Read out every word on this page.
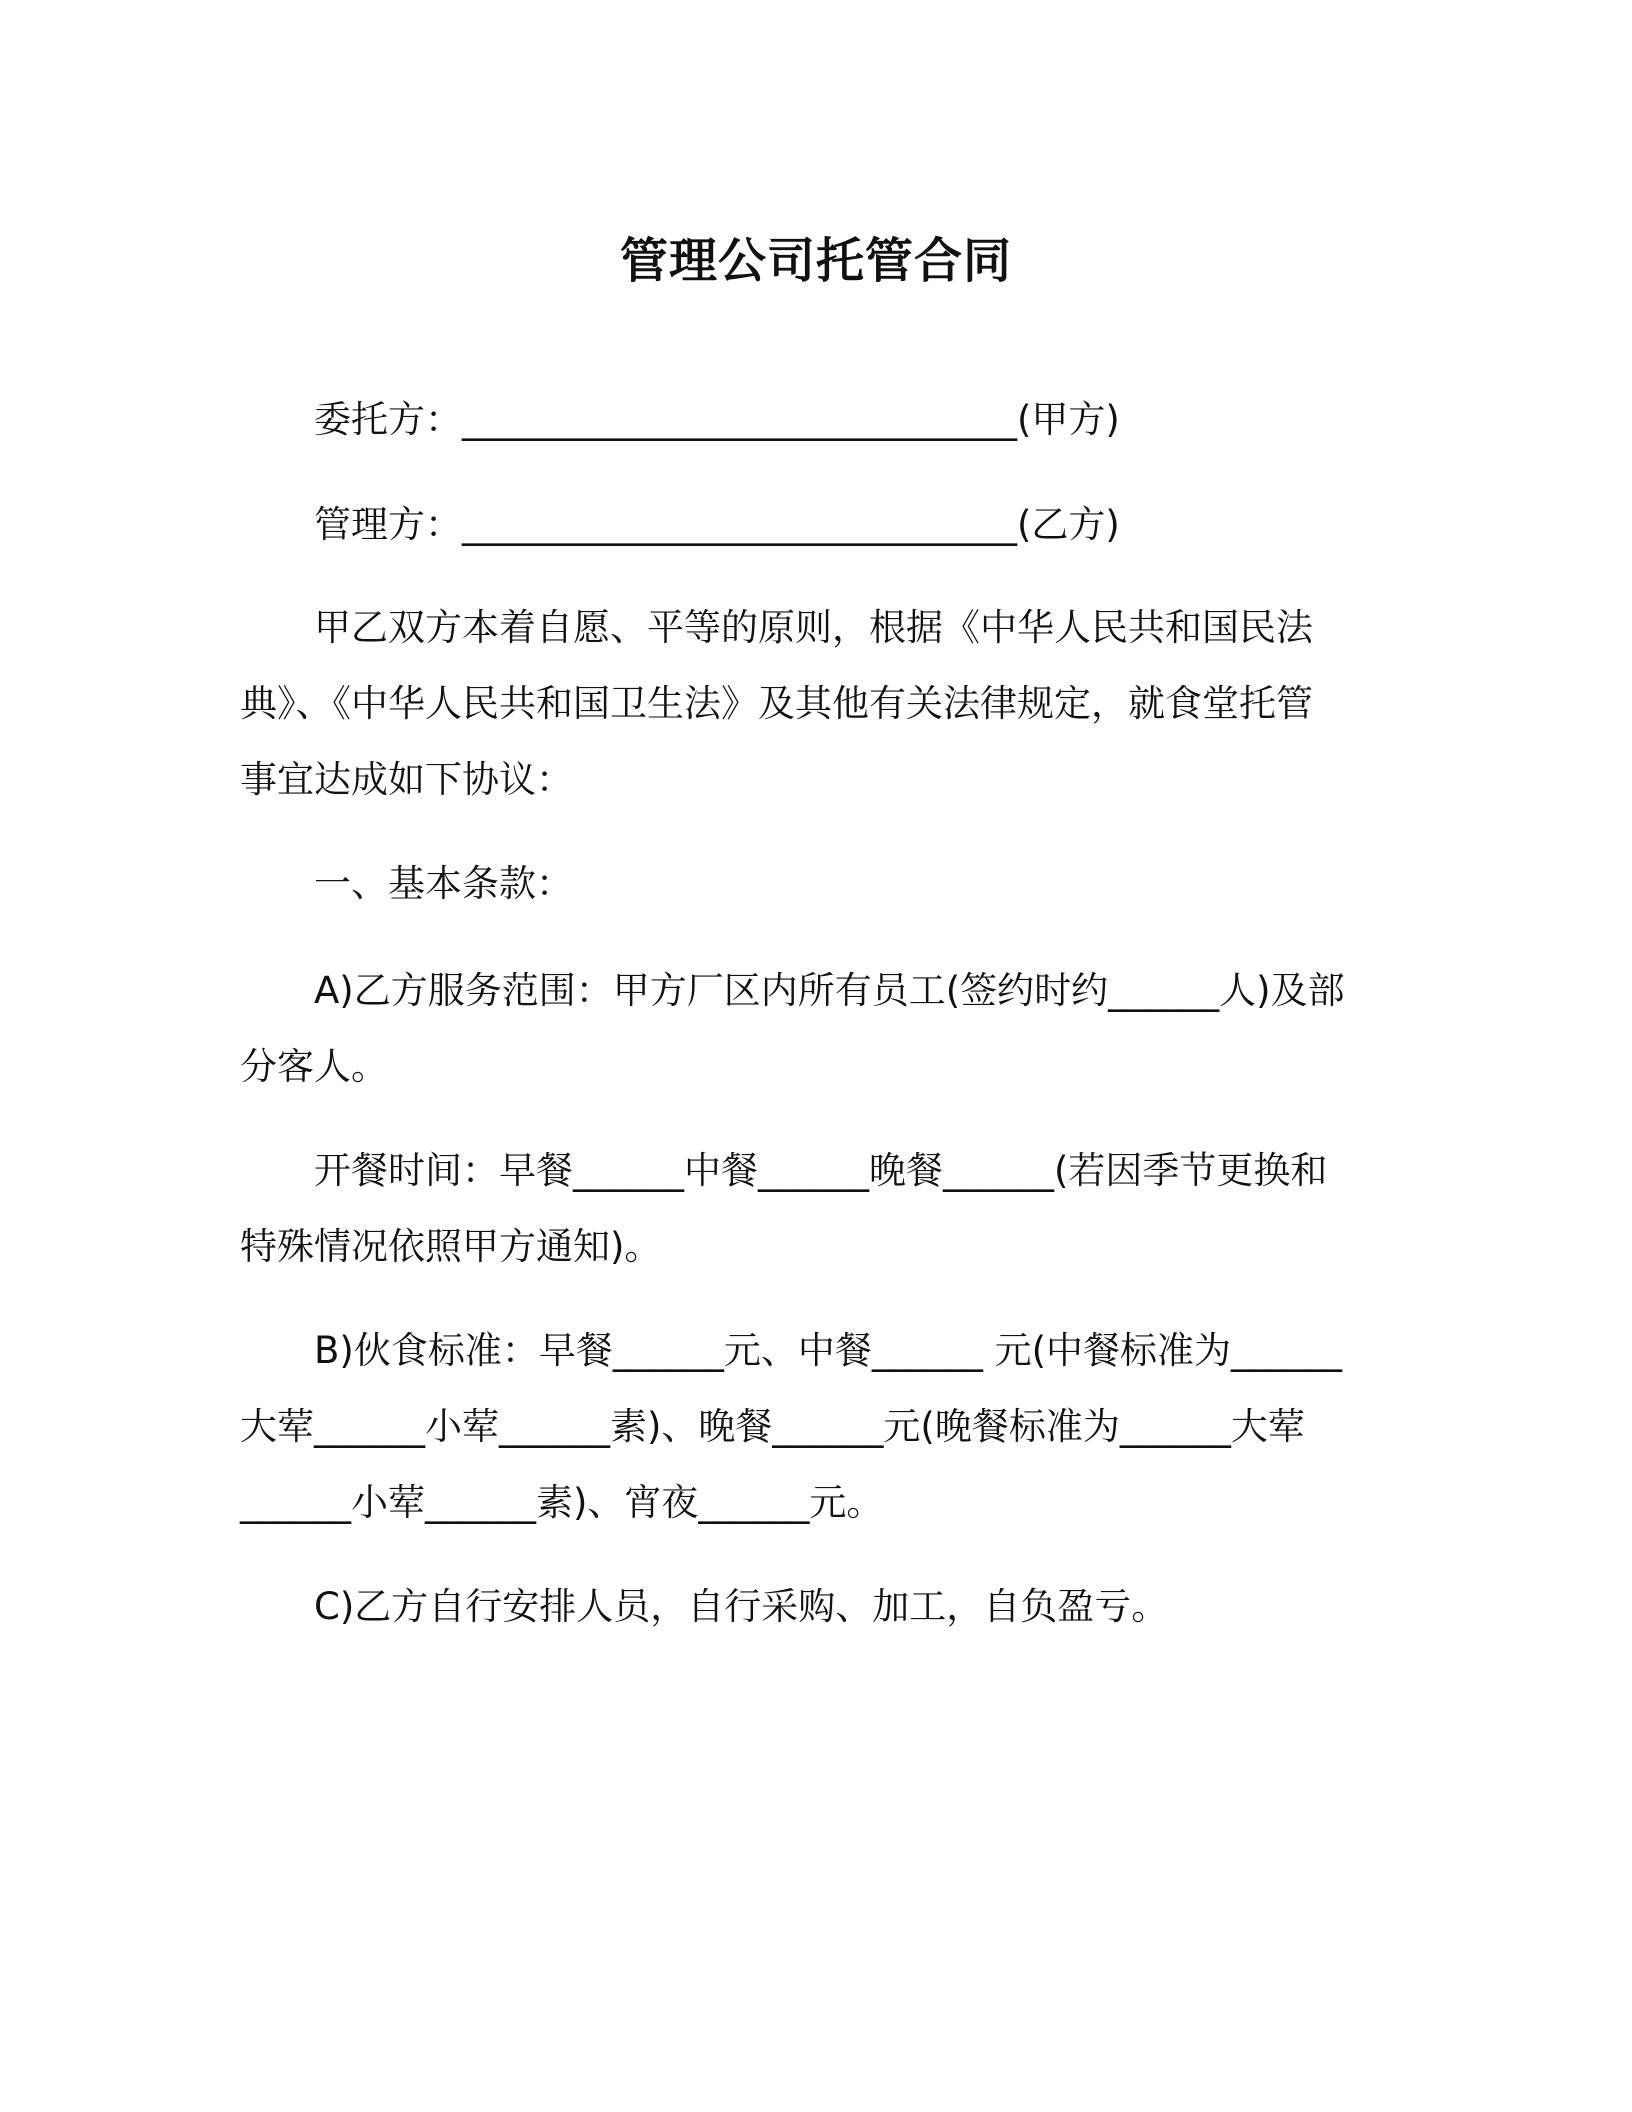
管理公司托管合同
委托方：______________________________(甲方)
管理方：______________________________(乙方)
甲乙双方本着自愿、平等的原则，根据《中华人民共和国民法
典》、《中华人民共和国卫生法》及其他有关法律规定，就食堂托管
事宜达成如下协议：
一、基本条款：
A)乙方服务范围：甲方厂区内所有员工(签约时约______人)及部
分客人。
开餐时间：早餐______中餐______晚餐______(若因季节更换和
特殊情况依照甲方通知)。
B)伙食标准：早餐______元、中餐______ 元(中餐标准为______
大荤______小荤______素)、晚餐______元(晚餐标准为______大荤
______小荤______素)、宵夜______元。
C)乙方自行安排人员，自行采购、加工，自负盈亏。
